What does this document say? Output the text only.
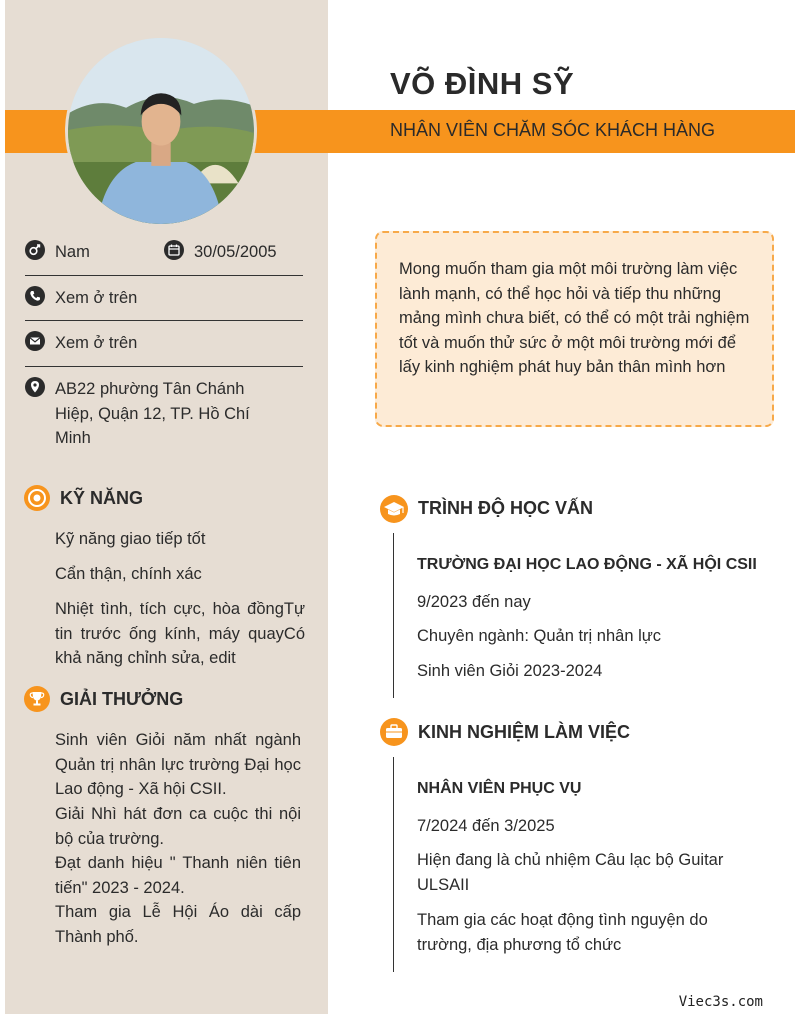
VÕ ĐÌNH SỸ
NHÂN VIÊN CHĂM SÓC KHÁCH HÀNG
Nam	30/05/2005
Xem ở trên
Xem ở trên
AB22 phường Tân Chánh Hiệp, Quận 12, TP. Hồ Chí Minh
KỸ NĂNG
Kỹ năng giao tiếp tốt
Cẩn thận, chính xác
Nhiệt tình, tích cực, hòa đồngTự tin trước ống kính, máy quayCó khả năng chỉnh sửa, edit
GIẢI THƯỞNG
Sinh viên Giỏi năm nhất ngành Quản trị nhân lực trường Đại học Lao động - Xã hội CSII.
Giải Nhì hát đơn ca cuộc thi nội bộ của trường.
Đạt danh hiệu " Thanh niên tiên tiến" 2023 - 2024.
Tham gia Lễ Hội Áo dài cấp Thành phố.

Mong muốn tham gia một môi trường làm việc lành mạnh, có thể học hỏi và tiếp thu những mảng mình chưa biết, có thể có một trải nghiệm tốt và muốn thử sức ở một môi trường mới để lấy kinh nghiệm phát huy bản thân mình hơn

TRÌNH ĐỘ HỌC VẤN
TRƯỜNG ĐẠI HỌC LAO ĐỘNG - XÃ HỘI CSII
9/2023 đến nay
Chuyên ngành: Quản trị nhân lực
Sinh viên Giỏi 2023-2024
KINH NGHIỆM LÀM VIỆC
NHÂN VIÊN PHỤC VỤ
7/2024 đến 3/2025
Hiện đang là chủ nhiệm Câu lạc bộ Guitar ULSAII
Tham gia các hoạt động tình nguyện do trường, địa phương tổ chức
Viec3s.com
